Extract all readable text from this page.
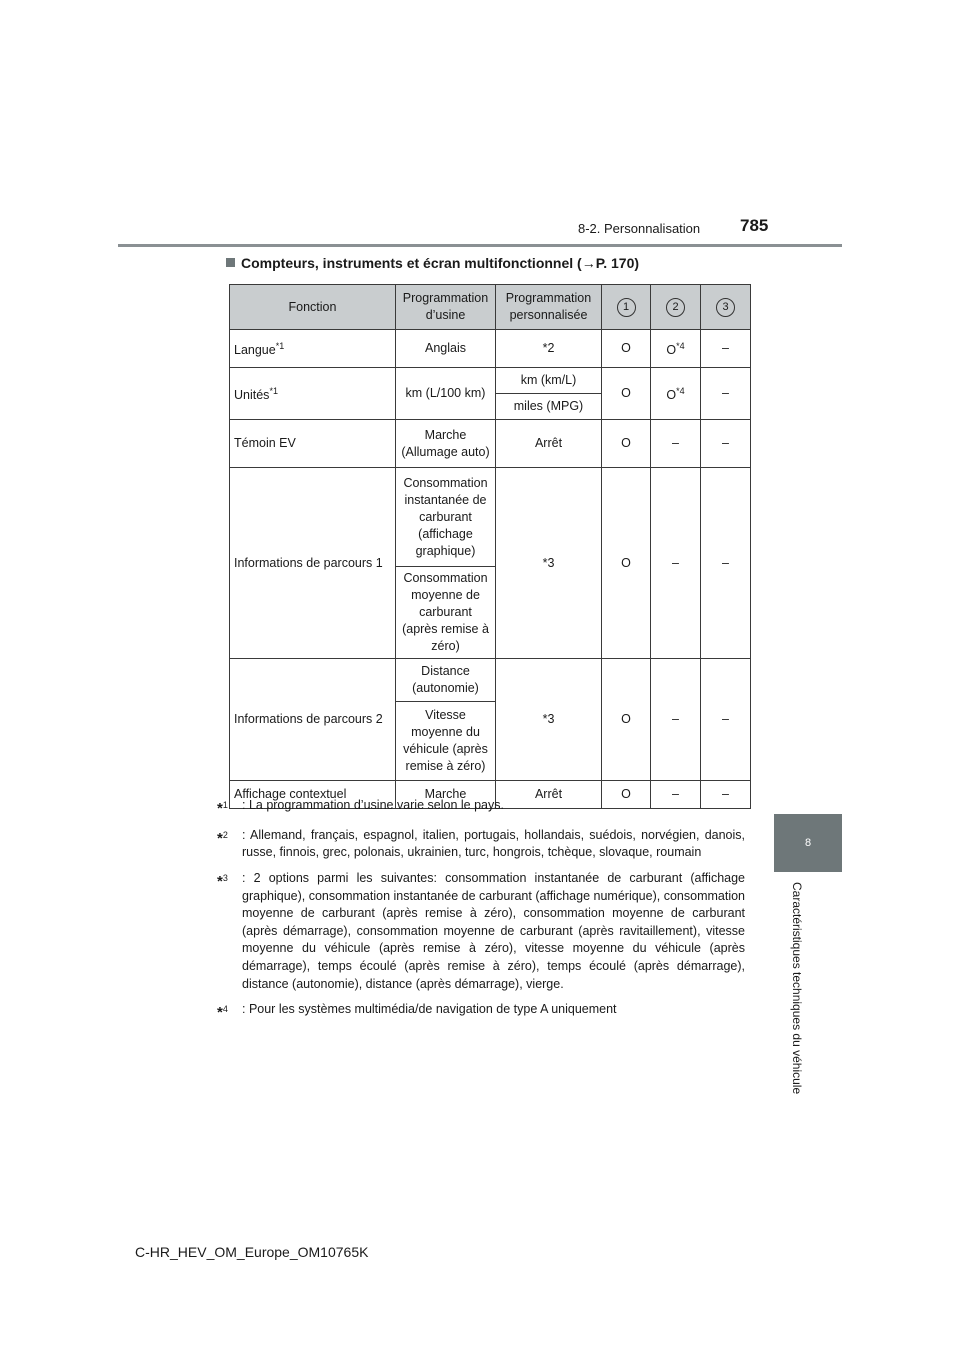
8-2. Personnalisation 785
8
Caractéristiques techniques du véhicule
Compteurs, instruments et écran multifonctionnel (→P. 170)
Fonction	Programmation d’usine	Programmation personnalisée	1	2	3
Langue$^{*1}$	Anglais	*2	O	$O^{*4}$	–
Unités$^{*1}$	km (L/100 km)	km (km/L)	O	$O^{*4}$	–
		miles (MPG)			
Témoin EV	Marche (Allumage auto)	Arrêt	O	–	–
Informations de parcours 1	Consommation instantanée de carburant (affichage graphique)	*3	O	–	–
	Consommation moyenne de carburant (après remise à zéro)				
Informations de parcours 2	Distance (autonomie)	*3	O	–	–
	Vitesse moyenne du véhicule (après remise à zéro)				
Affichage contextuel	Marche	Arrêt	O	–	–
*$^1$	: La programmation d’usine varie selon le pays.
*$^2$	: Allemand, français, espagnol, italien, portugais, hollandais, suédois, norvégien, danois, russe, finnois, grec, polonais, ukrainien, turc, hongrois, tchèque, slovaque, roumain
*$^3$	: 2 options parmi les suivantes: consommation instantanée de carburant (affichage graphique), consommation instantanée de carburant (affichage numérique), consommation moyenne de carburant (après remise à zéro), consommation moyenne de carburant (après démarrage), consommation moyenne de carburant (après ravitaillement), vitesse moyenne du véhicule (après remise à zéro), vitesse moyenne du véhicule (après démarrage), temps écoulé (après remise à zéro), temps écoulé (après démarrage), distance (autonomie), distance (après démarrage), vierge.
*$^4$	: Pour les systèmes multimédia/de navigation de type A uniquement
C-HR_HEV_OM_Europe_OM10765K
